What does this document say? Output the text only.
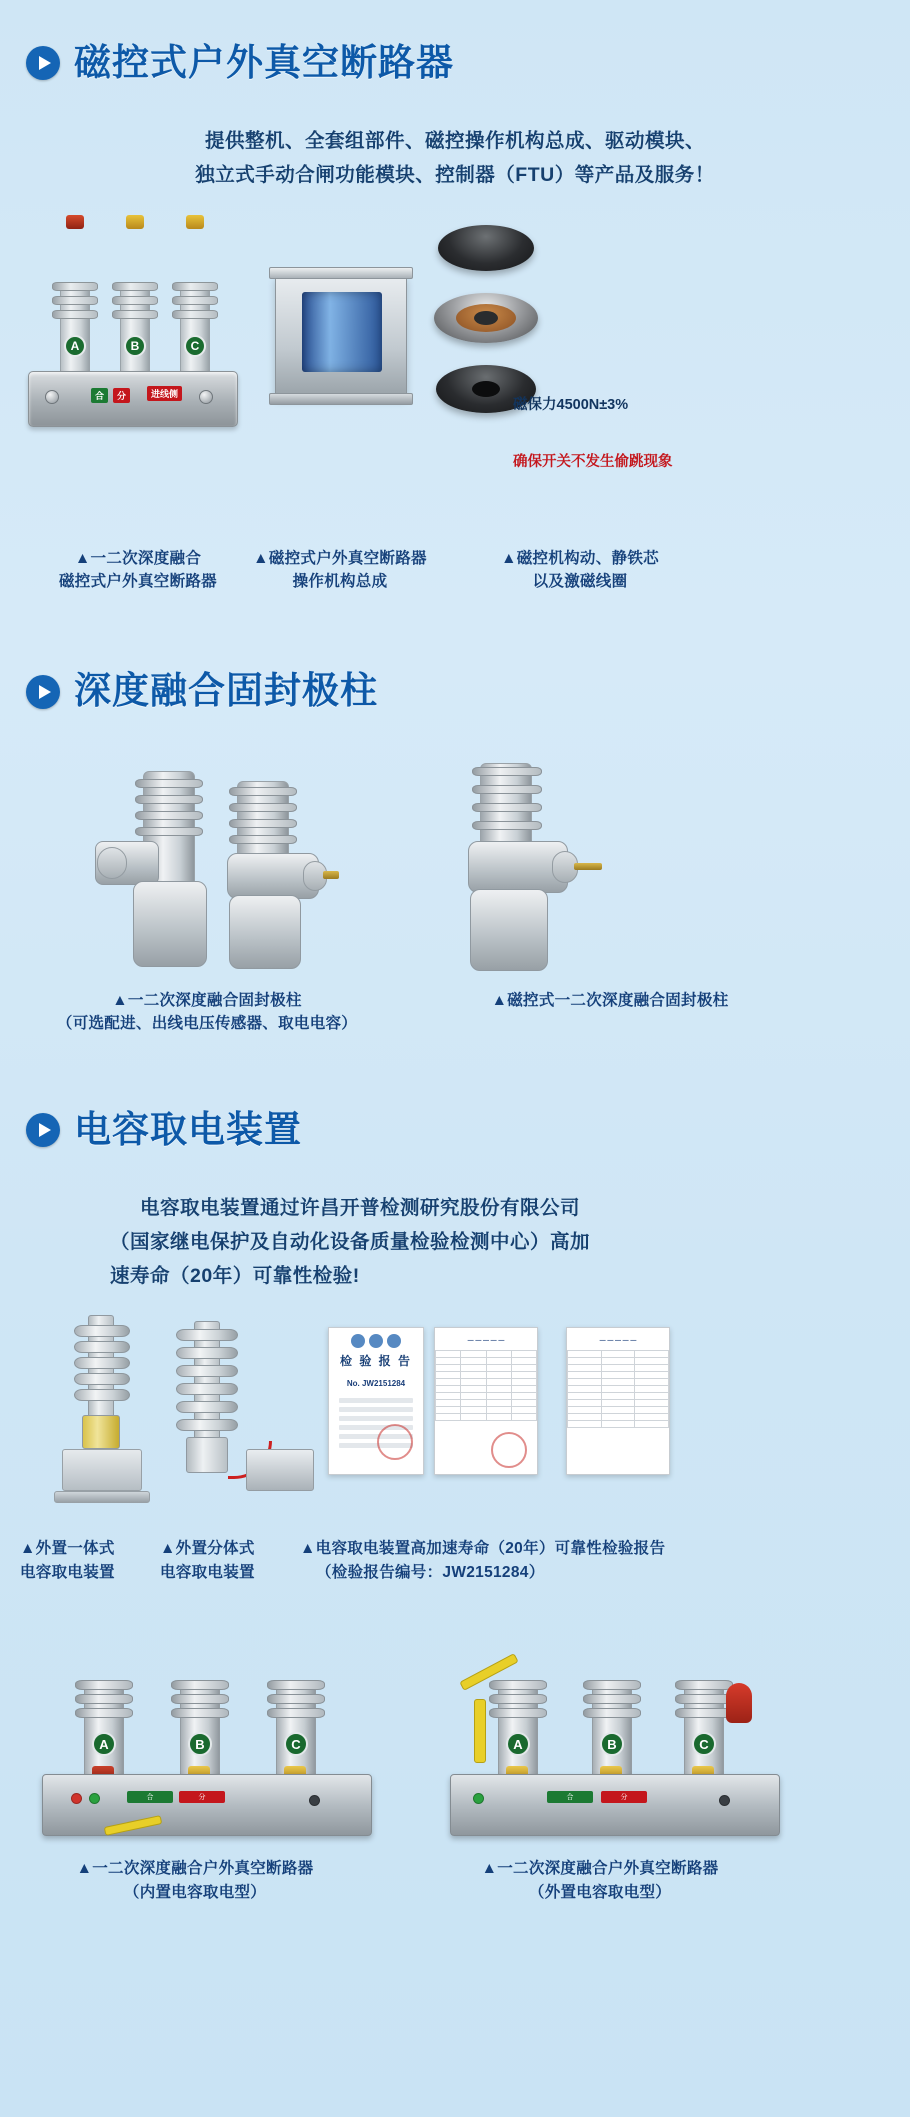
磁控式户外真空断路器
提供整机、全套组部件、磁控操作机构总成、驱动模块、
独立式手动合闸功能模块、控制器（FTU）等产品及服务！
A	B	C
合	分	进线侧
磁保力4500N±3%
确保开关不发生偷跳现象
▲一二次深度融合
磁控式户外真空断路器
▲磁控式户外真空断路器
操作机构总成
▲磁控机构动、静铁芯
以及激磁线圈
深度融合固封极柱
▲一二次深度融合固封极柱
（可选配进、出线电压传感器、取电电容）
▲磁控式一二次深度融合固封极柱
电容取电装置
电容取电装置通过许昌开普检测研究股份有限公司
（国家继电保护及自动化设备质量检验检测中心）高加
速寿命（20年）可靠性检验!
检 验 报 告
No. JW2151284
— — — — —

				— — — — —

▲外置一体式
电容取电装置
▲外置分体式
电容取电装置
▲电容取电装置高加速寿命（20年）可靠性检验报告
（检验报告编号：JW2151284）
A	B	C
合	分
A	B	C
合	分
▲一二次深度融合户外真空断路器
（内置电容取电型）
▲一二次深度融合户外真空断路器
（外置电容取电型）
